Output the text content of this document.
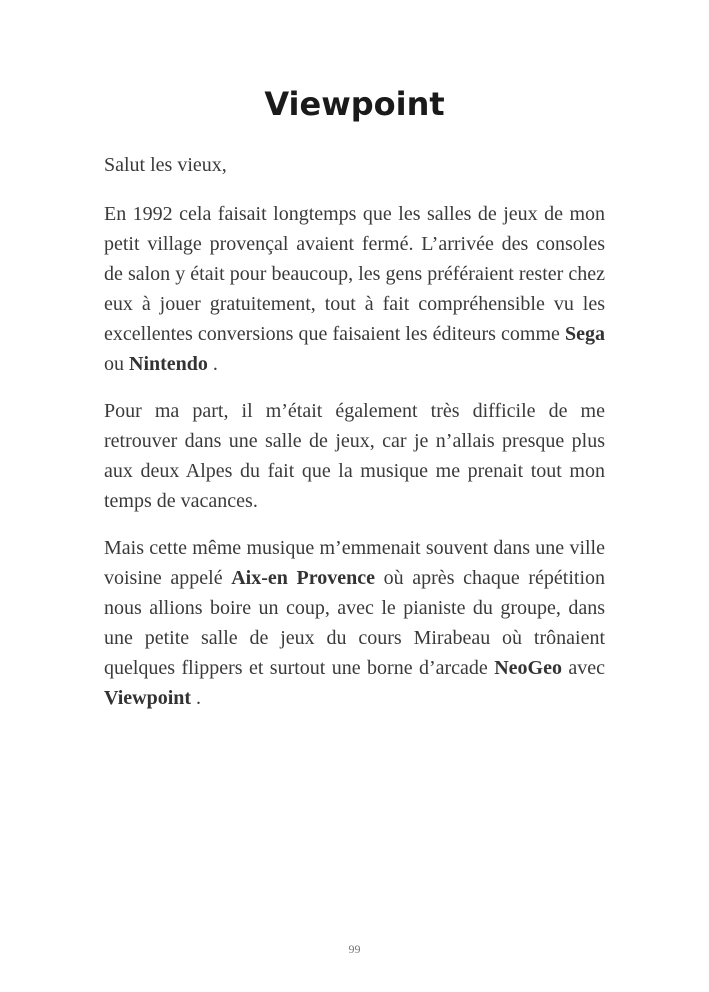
Viewpoint

Salut les vieux,

En 1992 cela faisait longtemps que les salles de jeux de mon petit village provençal avaient fermé. L’arrivée des consoles de salon y était pour beaucoup, les gens préféraient rester chez eux à jouer gratuitement, tout à fait compréhensible vu les excellentes conversions que faisaient les éditeurs comme Sega ou Nintendo .

Pour ma part, il m’était également très difficile de me retrouver dans une salle de jeux, car je n’allais presque plus aux deux Alpes du fait que la musique me prenait tout mon temps de vacances.

Mais cette même musique m’emmenait souvent dans une ville voisine appelé Aix-en Provence où après chaque répétition nous allions boire un coup, avec le pianiste du groupe, dans une petite salle de jeux du cours Mirabeau où trônaient quelques flippers et surtout une borne d’arcade NeoGeo avec Viewpoint .

99
